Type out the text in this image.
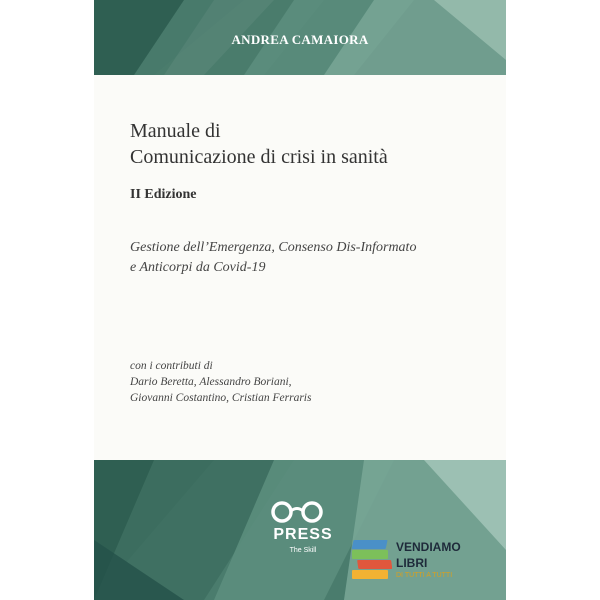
ANDREA CAMAIORA
Manuale di
Comunicazione di crisi in sanità
II Edizione
Gestione dell’Emergenza, Consenso Dis-Informato
e Anticorpi da Covid-19
con i contributi di
Dario Beretta, Alessandro Boriani,
Giovanni Costantino, Cristian Ferraris
PRESS
The Skill	VENDIAMO
LIBRI
DI TUTTI A TUTTI
